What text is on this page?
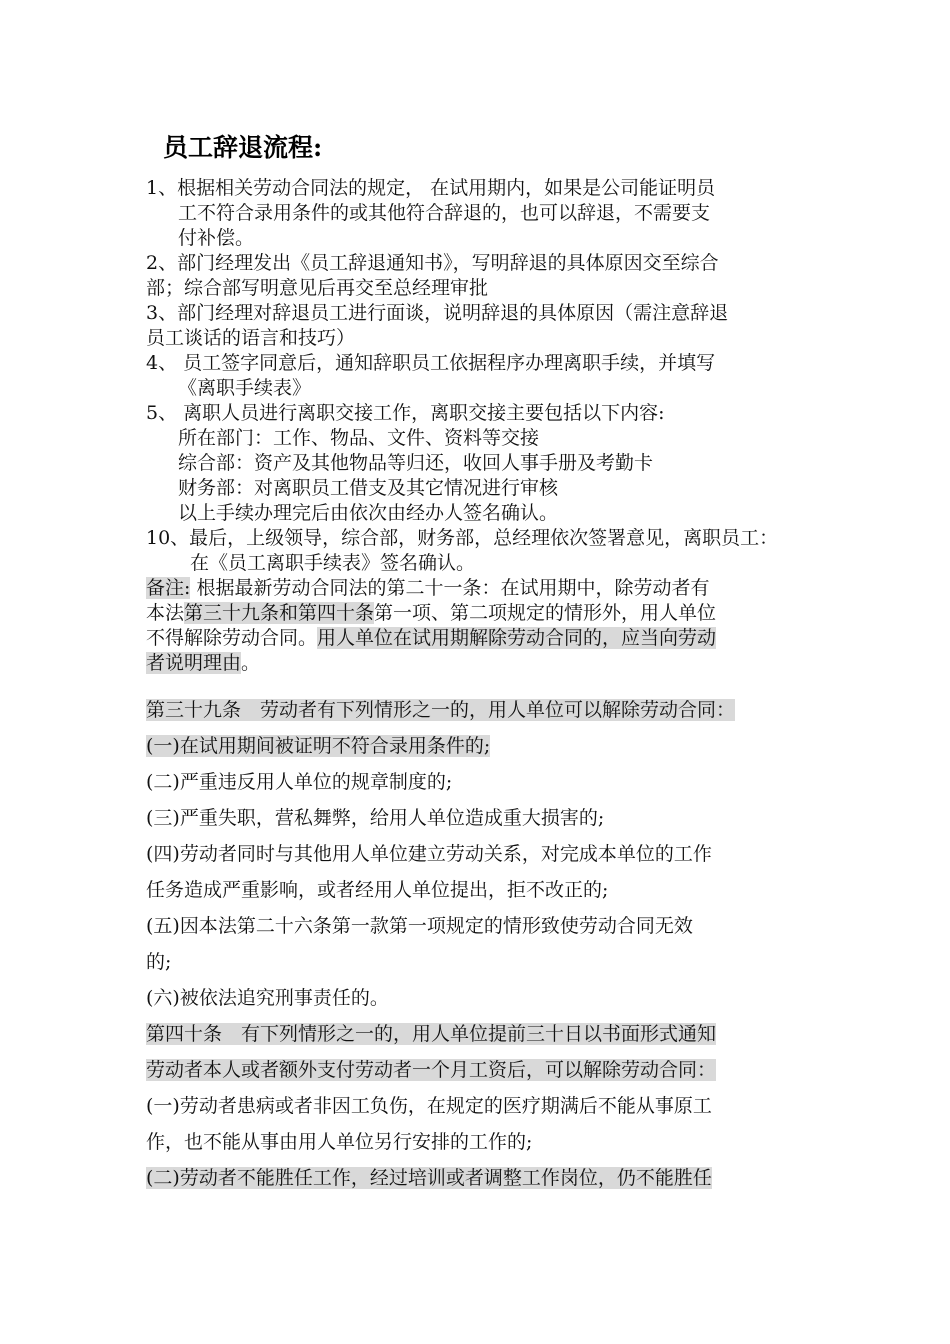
员工辞退流程:
1、根据相关劳动合同法的规定， 在试用期内，如果是公司能证明员
工不符合录用条件的或其他符合辞退的，也可以辞退，不需要支
付补偿。
2、部门经理发出《员工辞退通知书》，写明辞退的具体原因交至综合
部；综合部写明意见后再交至总经理审批
3、部门经理对辞退员工进行面谈，说明辞退的具体原因（需注意辞退
员工谈话的语言和技巧）
4、 员工签字同意后，通知辞职员工依据程序办理离职手续，并填写
《离职手续表》
5、 离职人员进行离职交接工作，离职交接主要包括以下内容:
所在部门：工作、物品、文件、资料等交接
综合部：资产及其他物品等归还，收回人事手册及考勤卡
财务部：对离职员工借支及其它情况进行审核
以上手续办理完后由依次由经办人签名确认。
10、最后，上级领导，综合部，财务部，总经理依次签署意见，离职员工：
在《员工离职手续表》签名确认。
备注: 根据最新劳动合同法的第二十一条：在试用期中，除劳动者有
本法第三十九条和第四十条第一项、第二项规定的情形外，用人单位
不得解除劳动合同。用人单位在试用期解除劳动合同的，应当向劳动
者说明理由。
第三十九条　劳动者有下列情形之一的，用人单位可以解除劳动合同：
(一)在试用期间被证明不符合录用条件的;
(二)严重违反用人单位的规章制度的;
(三)严重失职，营私舞弊，给用人单位造成重大损害的;
(四)劳动者同时与其他用人单位建立劳动关系，对完成本单位的工作
任务造成严重影响，或者经用人单位提出，拒不改正的;
(五)因本法第二十六条第一款第一项规定的情形致使劳动合同无效
的;
(六)被依法追究刑事责任的。
第四十条　有下列情形之一的，用人单位提前三十日以书面形式通知
劳动者本人或者额外支付劳动者一个月工资后，可以解除劳动合同：
(一)劳动者患病或者非因工负伤，在规定的医疗期满后不能从事原工
作，也不能从事由用人单位另行安排的工作的;
(二)劳动者不能胜任工作，经过培训或者调整工作岗位，仍不能胜任
